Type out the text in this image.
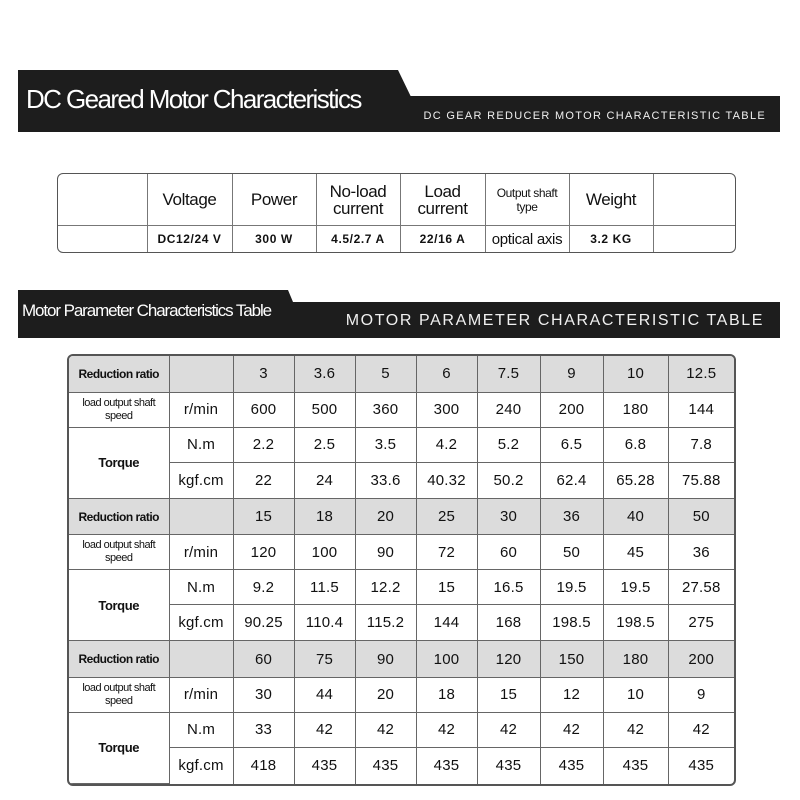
DC Geared Motor Characteristics
DC GEAR REDUCER MOTOR CHARACTERISTIC TABLE
	Voltage	Power	No-load current	Load current	Output shaft type	Weight	
	DC12/24 V	300 W	4.5/2.7 A	22/16 A	optical axis	3.2 KG	
Motor Parameter Characteristics Table
MOTOR PARAMETER CHARACTERISTIC TABLE
Reduction ratio		3	3.6	5	6	7.5	9	10	12.5
load output shaft speed	r/min	600	500	360	300	240	200	180	144
Torque	N.m	2.2	2.5	3.5	4.2	5.2	6.5	6.8	7.8
	kgf.cm	22	24	33.6	40.32	50.2	62.4	65.28	75.88
Reduction ratio		15	18	20	25	30	36	40	50
load output shaft speed	r/min	120	100	90	72	60	50	45	36
Torque	N.m	9.2	11.5	12.2	15	16.5	19.5	19.5	27.58
	kgf.cm	90.25	110.4	115.2	144	168	198.5	198.5	275
Reduction ratio		60	75	90	100	120	150	180	200
load output shaft speed	r/min	30	44	20	18	15	12	10	9
Torque	N.m	33	42	42	42	42	42	42	42
	kgf.cm	418	435	435	435	435	435	435	435
